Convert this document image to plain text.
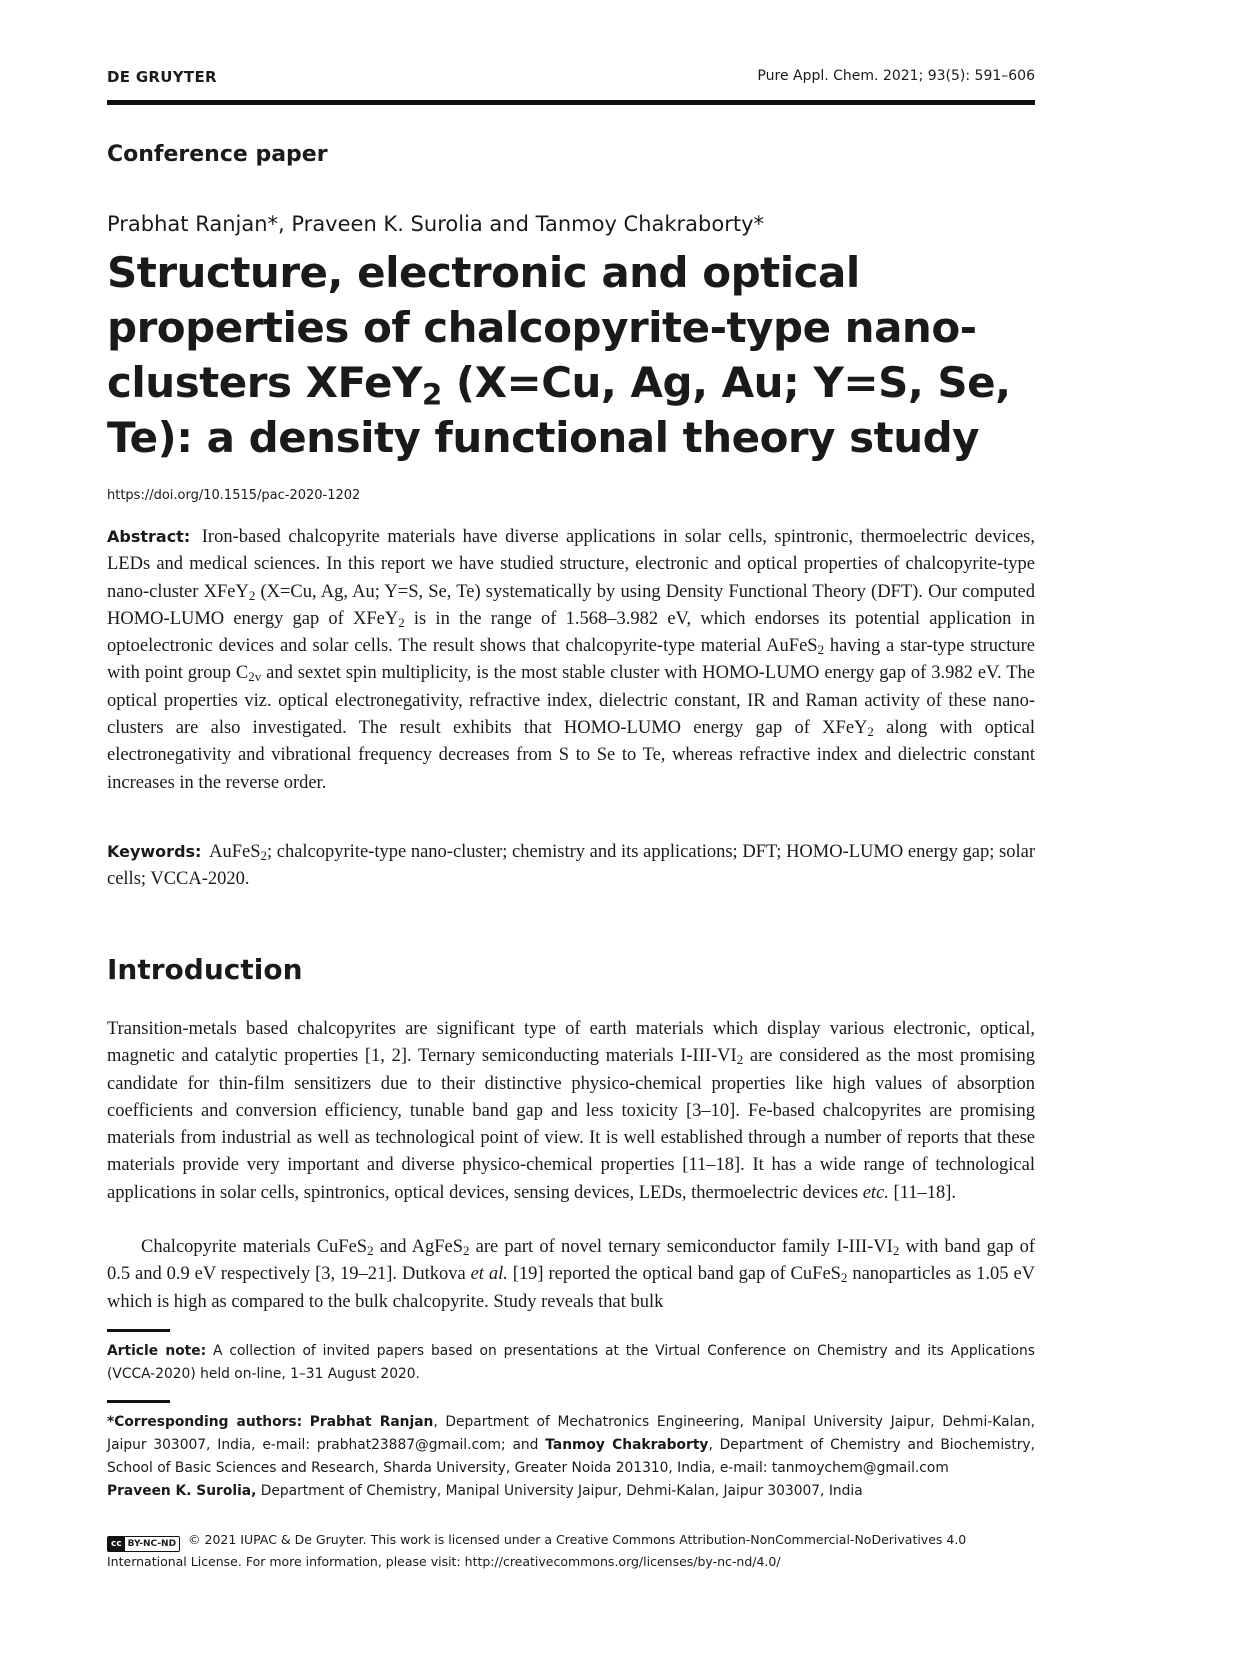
DE GRUYTER	Pure Appl. Chem. 2021; 93(5): 591–606
Conference paper
Prabhat Ranjan*, Praveen K. Surolia and Tanmoy Chakraborty*
Structure, electronic and optical properties of chalcopyrite-type nano-clusters XFeY$_2$ (X=Cu, Ag, Au; Y=S, Se, Te): a density functional theory study
https://doi.org/10.1515/pac-2020-1202

Abstract: Iron-based chalcopyrite materials have diverse applications in solar cells, spintronic, thermoelectric devices, LEDs and medical sciences. In this report we have studied structure, electronic and optical properties of chalcopyrite-type nano-cluster XFeY$_2$ (X=Cu, Ag, Au; Y=S, Se, Te) systematically by using Density Functional Theory (DFT). Our computed HOMO-LUMO energy gap of XFeY$_2$ is in the range of 1.568–3.982 eV, which endorses its potential application in optoelectronic devices and solar cells. The result shows that chalcopyrite-type material AuFeS$_2$ having a star-type structure with point group $C_{2v}$ and sextet spin multiplicity, is the most stable cluster with HOMO-LUMO energy gap of 3.982 eV. The optical properties viz. optical electronegativity, refractive index, dielectric constant, IR and Raman activity of these nano-clusters are also investigated. The result exhibits that HOMO-LUMO energy gap of XFeY$_2$ along with optical electronegativity and vibrational frequency decreases from S to Se to Te, whereas refractive index and dielectric constant increases in the reverse order.

Keywords: AuFeS$_2$; chalcopyrite-type nano-cluster; chemistry and its applications; DFT; HOMO-LUMO energy gap; solar cells; VCCA-2020.

Introduction

Transition-metals based chalcopyrites are significant type of earth materials which display various electronic, optical, magnetic and catalytic properties [1, 2]. Ternary semiconducting materials $I-III-VI_2$ are considered as the most promising candidate for thin-film sensitizers due to their distinctive physico-chemical properties like high values of absorption coefficients and conversion efficiency, tunable band gap and less toxicity [3–10]. Fe-based chalcopyrites are promising materials from industrial as well as technological point of view. It is well established through a number of reports that these materials provide very important and diverse physico-chemical properties [11–18]. It has a wide range of technological applications in solar cells, spintronics, optical devices, sensing devices, LEDs, thermoelectric devices etc. [11–18].

Chalcopyrite materials CuFeS$_2$ and AgFeS$_2$ are part of novel ternary semiconductor family $I-III-VI_2$ with band gap of 0.5 and 0.9 eV respectively [3, 19–21]. Dutkova et al. [19] reported the optical band gap of CuFeS$_2$ nanoparticles as 1.05 eV which is high as compared to the bulk chalcopyrite. Study reveals that bulk

Article note: A collection of invited papers based on presentations at the Virtual Conference on Chemistry and its Applications (VCCA-2020) held on-line, 1–31 August 2020.

*Corresponding authors: Prabhat Ranjan, Department of Mechatronics Engineering, Manipal University Jaipur, Dehmi-Kalan, Jaipur 303007, India, e-mail: prabhat23887@gmail.com; and Tanmoy Chakraborty, Department of Chemistry and Biochemistry, School of Basic Sciences and Research, Sharda University, Greater Noida 201310, India, e-mail: tanmoychem@gmail.com
Praveen K. Surolia, Department of Chemistry, Manipal University Jaipur, Dehmi-Kalan, Jaipur 303007, India

cc BY-NC-ND © 2021 IUPAC & De Gruyter. This work is licensed under a Creative Commons Attribution-NonCommercial-NoDerivatives 4.0 International License. For more information, please visit: http://creativecommons.org/licenses/by-nc-nd/4.0/
